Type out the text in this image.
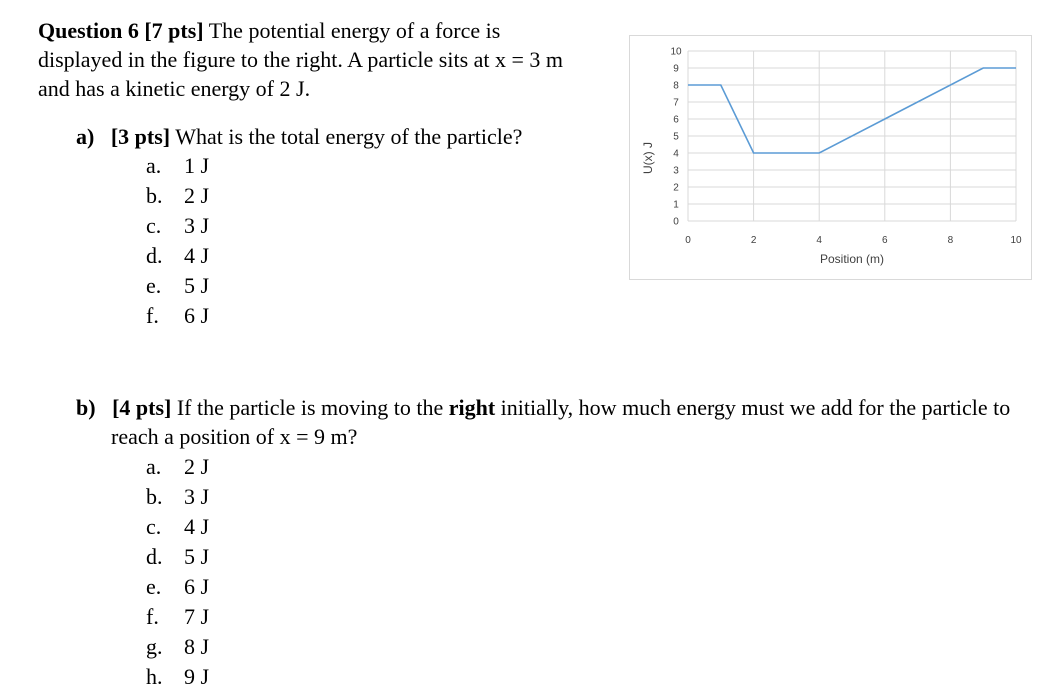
Question 6 [7 pts] The potential energy of a force is displayed in the figure to the right. A particle sits at x = 3 m and has a kinetic energy of 2 J.
a) [3 pts] What is the total energy of the particle?
a. 1 J
b. 2 J
c. 3 J
d. 4 J
e. 5 J
f. 6 J
0
1
2
3
4
5
6
7
8
9
10
0	2	4	6	8	10
Position (m)
U(x) J
b) [4 pts] If the particle is moving to the right initially, how much energy must we add for the particle to reach a position of x = 9 m?
a. 2 J
b. 3 J
c. 4 J
d. 5 J
e. 6 J
f. 7 J
g. 8 J
h. 9 J
